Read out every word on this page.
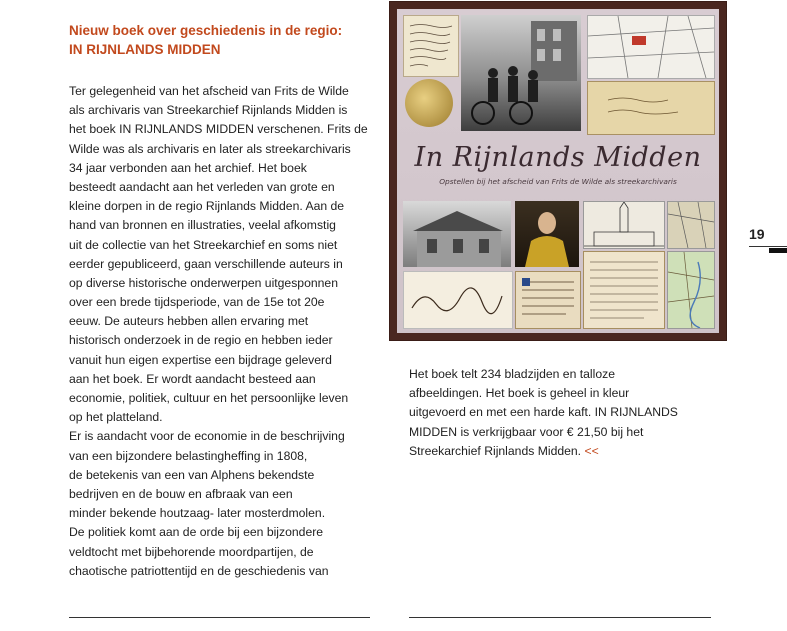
Nieuw boek over geschiedenis in de regio:
IN RIJNLANDS MIDDEN
Ter gelegenheid van het afscheid van Frits de Wilde
als archivaris van Streekarchief Rijnlands Midden is
het boek IN RIJNLANDS MIDDEN verschenen. Frits de
Wilde was als archivaris en later als streekarchivaris
34 jaar verbonden aan het archief. Het boek
besteedt aandacht aan het verleden van grote en
kleine dorpen in de regio Rijnlands Midden. Aan de
hand van bronnen en illustraties, veelal afkomstig
uit de collectie van het Streekarchief en soms niet
eerder gepubliceerd, gaan verschillende auteurs in
op diverse historische onderwerpen uitgesponnen
over een brede tijdsperiode, van de 15e tot 20e
eeuw. De auteurs hebben allen ervaring met
historisch onderzoek in de regio en hebben ieder
vanuit hun eigen expertise een bijdrage geleverd
aan het boek. Er wordt aandacht besteed aan
economie, politiek, cultuur en het persoonlijke leven
op het platteland.
Er is aandacht voor de economie in de beschrijving
van een bijzondere belastingheffing in 1808,
de betekenis van een van Alphens bekendste
bedrijven en de bouw en afbraak van een
minder bekende houtzaag- later mosterdmolen.
De politiek komt aan de orde bij een bijzondere
veldtocht met bijbehorende moordpartijen, de
chaotische patriottentijd en de geschiedenis van
In Rijnlands Midden
Opstellen bij het afscheid van Frits de Wilde als streekarchivaris
Het boek telt 234 bladzijden en talloze
afbeeldingen. Het boek is geheel in kleur
uitgevoerd en met een harde kaft. IN RIJNLANDS
MIDDEN is verkrijgbaar voor € 21,50 bij het
Streekarchief Rijnlands Midden. <<
19
